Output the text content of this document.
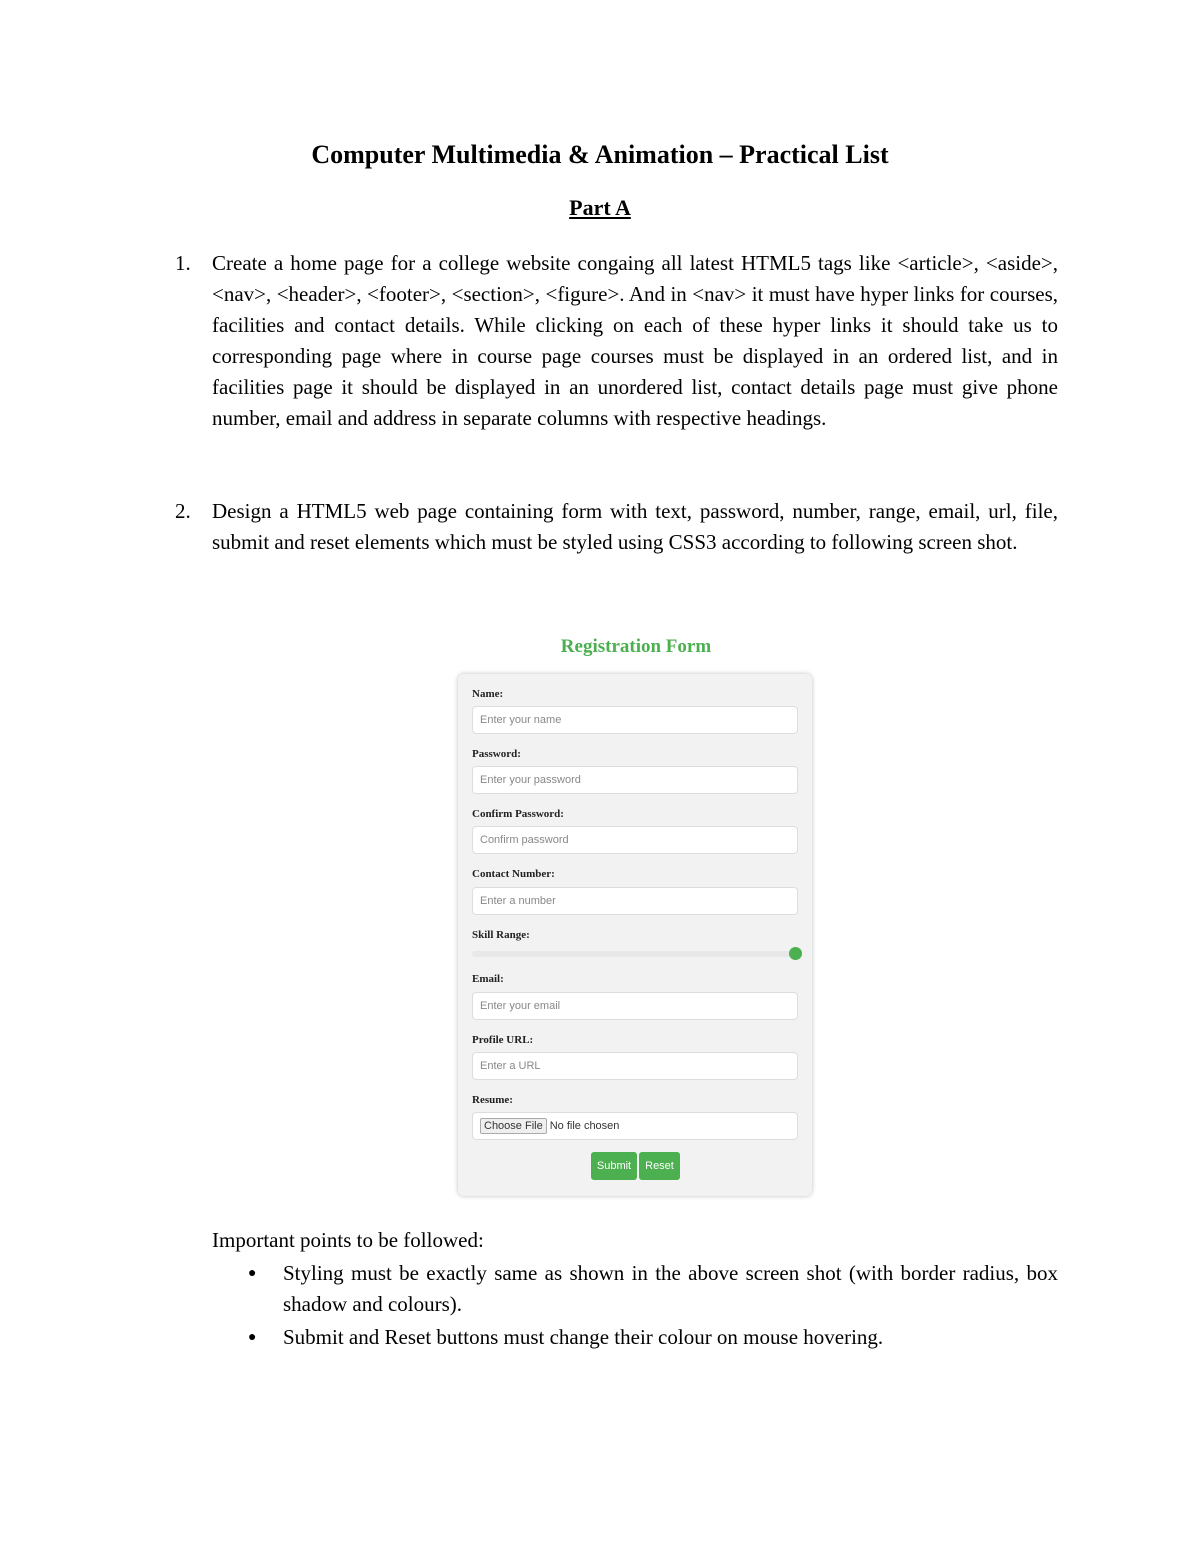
Computer Multimedia & Animation – Practical List
Part A
1. Create a home page for a college website congaing all latest HTML5 tags like <article>, <aside>, <nav>, <header>, <footer>, <section>, <figure>. And in <nav> it must have hyper links for courses, facilities and contact details. While clicking on each of these hyper links it should take us to corresponding page where in course page courses must be displayed in an ordered list, and in facilities page it should be displayed in an unordered list, contact details page must give phone number, email and address in separate columns with respective headings.
2. Design a HTML5 web page containing form with text, password, number, range, email, url, file, submit and reset elements which must be styled using CSS3 according to following screen shot.
Registration Form
Name:
Enter your name
Password:
Enter your password
Confirm Password:
Confirm password
Contact Number:
Enter a number
Skill Range:
Email:
Enter your email
Profile URL:
Enter a URL
Resume:
Choose File No file chosen
Submit	Reset
Important points to be followed:
● Styling must be exactly same as shown in the above screen shot (with border radius, box shadow and colours).
● Submit and Reset buttons must change their colour on mouse hovering.
